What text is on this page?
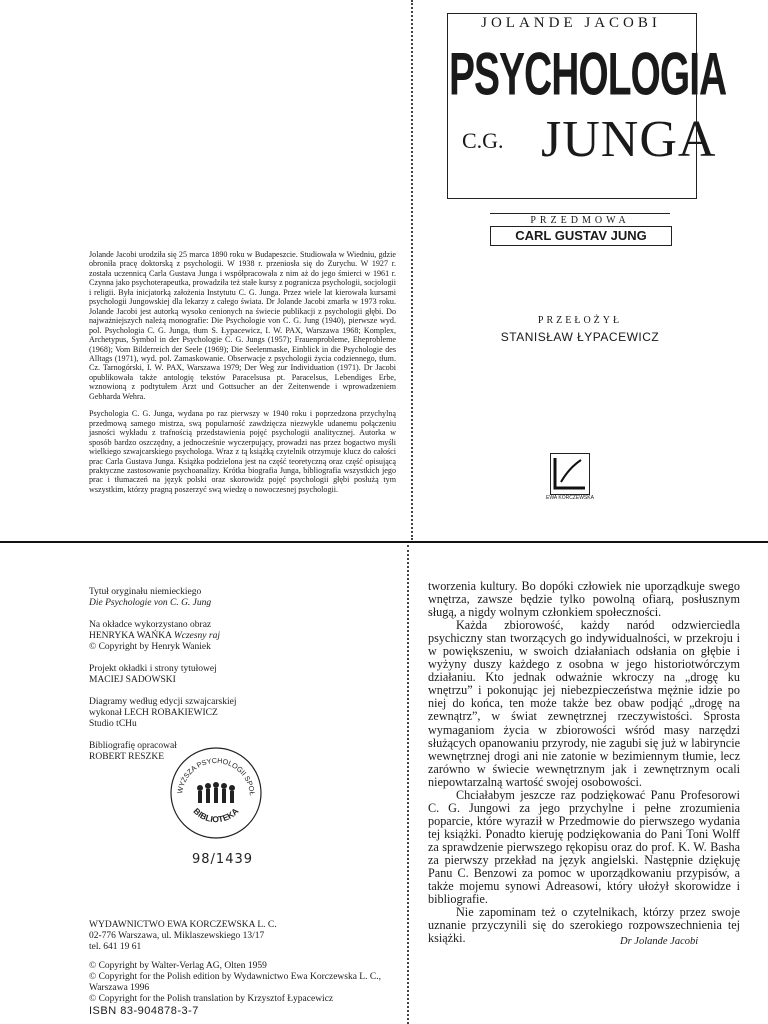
Jolande Jacobi urodziła się 25 marca 1890 roku w Budapeszcie. Studiowała w Wiedniu, gdzie obroniła pracę doktorską z psychologii. W 1938 r. przeniosła się do Zurychu. W 1927 r. została uczennicą Carla Gustava Junga i współpracowała z nim aż do jego śmierci w 1961 r. Czynna jako psychoterapeutka, prowadziła też stałe kursy z pogranicza psychologii, socjologii i religii. Była inicjatorką założenia Instytutu C. G. Junga. Przez wiele lat kierowała kursami psychologii Jungowskiej dla lekarzy z całego świata. Dr Jolande Jacobi zmarła w 1973 roku. Jolande Jacobi jest autorką wysoko cenionych na świecie publikacji z psychologii głębi. Do najważniejszych należą monografie: Die Psychologie von C. G. Jung (1940), pierwsze wyd. pol. Psychologia C. G. Junga, tłum S. Łypacewicz, I. W. PAX, Warszawa 1968; Komplex, Archetypus, Symbol in der Psychologie C. G. Jungs (1957); Frauenprobleme, Eheprobleme (1968); Vom Bilderreich der Seele (1969); Die Seelenmaske, Einblick in die Psychologie des Alltags (1971), wyd. pol. Zamaskowanie. Obserwacje z psychologii życia codziennego, tłum. Cz. Tarnogórski, I. W. PAX, Warszawa 1979; Der Weg zur Individuation (1971). Dr Jacobi opublikowała także antologię tekstów Paracelsusa pt. Paracelsus, Lebendiges Erbe, wznowioną z podtytułem Arzt und Gottsucher an der Zeitenwende i wprowadzeniem Gebharda Wehra.

Psychologia C. G. Junga, wydana po raz pierwszy w 1940 roku i poprzedzona przychylną przedmową samego mistrza, swą popularność zawdzięcza niezwykle udanemu połączeniu jasności wykładu z trafnością przedstawienia pojęć psychologii analitycznej. Autorka w sposób bardzo oszczędny, a jednocześnie wyczerpujący, prowadzi nas przez bogactwo myśli wielkiego szwajcarskiego psychologa. Wraz z tą książką czytelnik otrzymuje klucz do całości prac Carla Gustava Junga. Książka podzielona jest na część teoretyczną oraz część opisującą praktyczne zastosowanie psychoanalizy. Krótka biografia Junga, bibliografia wszystkich jego prac i tłumaczeń na język polski oraz skorowidz pojęć psychologii głębi posłużą tym wszystkim, którzy pragną poszerzyć swą wiedzę o nowoczesnej psychologii.

JOLANDE JACOBI
PSYCHOLOGIA
C.G. JUNGA
PRZEDMOWA
CARL GUSTAV JUNG
PRZEŁOŻYŁ
STANISŁAW ŁYPACEWICZ
EWA KORCZEWSKA
Tytuł oryginału niemieckiego
Die Psychologie von C. G. Jung
Na okładce wykorzystano obraz
HENRYKA WAŃKA Wczesny raj
© Copyright by Henryk Waniek
Projekt okładki i strony tytułowej
MACIEJ SADOWSKI
Diagramy według edycji szwajcarskiej
wykonał LECH ROBAKIEWICZ
Studio tCHu
Bibliografię opracował
ROBERT RESZKE
WYŻSZA PSYCHOLOGII SPOŁ
BIBLIOTEKA
98/1439

WYDAWNICTWO EWA KORCZEWSKA L. C.

02-776 Warszawa, ul. Miklaszewskiego 13/17

tel. 641 19 61

© Copyright by Walter-Verlag AG, Olten 1959

© Copyright for the Polish edition by Wydawnictwo Ewa Korczewska L. C., Warszawa 1996

© Copyright for the Polish translation by Krzysztof Łypacewicz

ISBN 83-904878-3-7

tworzenia kultury. Bo dopóki człowiek nie uporządkuje swego wnętrza, zawsze będzie tylko powolną ofiarą, posłusznym sługą, a nigdy wolnym członkiem społeczności.

Każda zbiorowość, każdy naród odzwierciedla psychiczny stan tworzących go indywidualności, w przekroju i w powiększeniu, w swoich działaniach odsłania on głębie i wyżyny duszy każdego z osobna w jego historiotwórczym działaniu. Kto jednak odważnie wkroczy na „drogę ku wnętrzu” i pokonując jej niebezpieczeństwa mężnie idzie po niej do końca, ten może także bez obaw podjąć „drogę na zewnątrz”, w świat zewnętrznej rzeczywistości. Sprosta wymaganiom życia w zbiorowości wśród masy narzędzi służących opanowaniu przyrody, nie zagubi się już w labiryncie wewnętrznej drogi ani nie zatonie w bezimiennym tłumie, lecz zarówno w świecie wewnętrznym jak i zewnętrznym ocali niepowtarzalną wartość swojej osobowości.

Chciałabym jeszcze raz podziękować Panu Profesorowi C. G. Jungowi za jego przychylne i pełne zrozumienia poparcie, które wyraził w Przedmowie do pierwszego wydania tej książki. Ponadto kieruję podziękowania do Pani Toni Wolff za sprawdzenie pierwszego rękopisu oraz do prof. K. W. Basha za pierwszy przekład na język angielski. Następnie dziękuję Panu C. Benzowi za pomoc w uporządkowaniu przypisów, a także mojemu synowi Adreasowi, który ułożył skorowidze i bibliografie.

Nie zapominam też o czytelnikach, którzy przez swoje uznanie przyczynili się do szerokiego rozpowszechnienia tej książki.	Dr Jolande Jacobi
